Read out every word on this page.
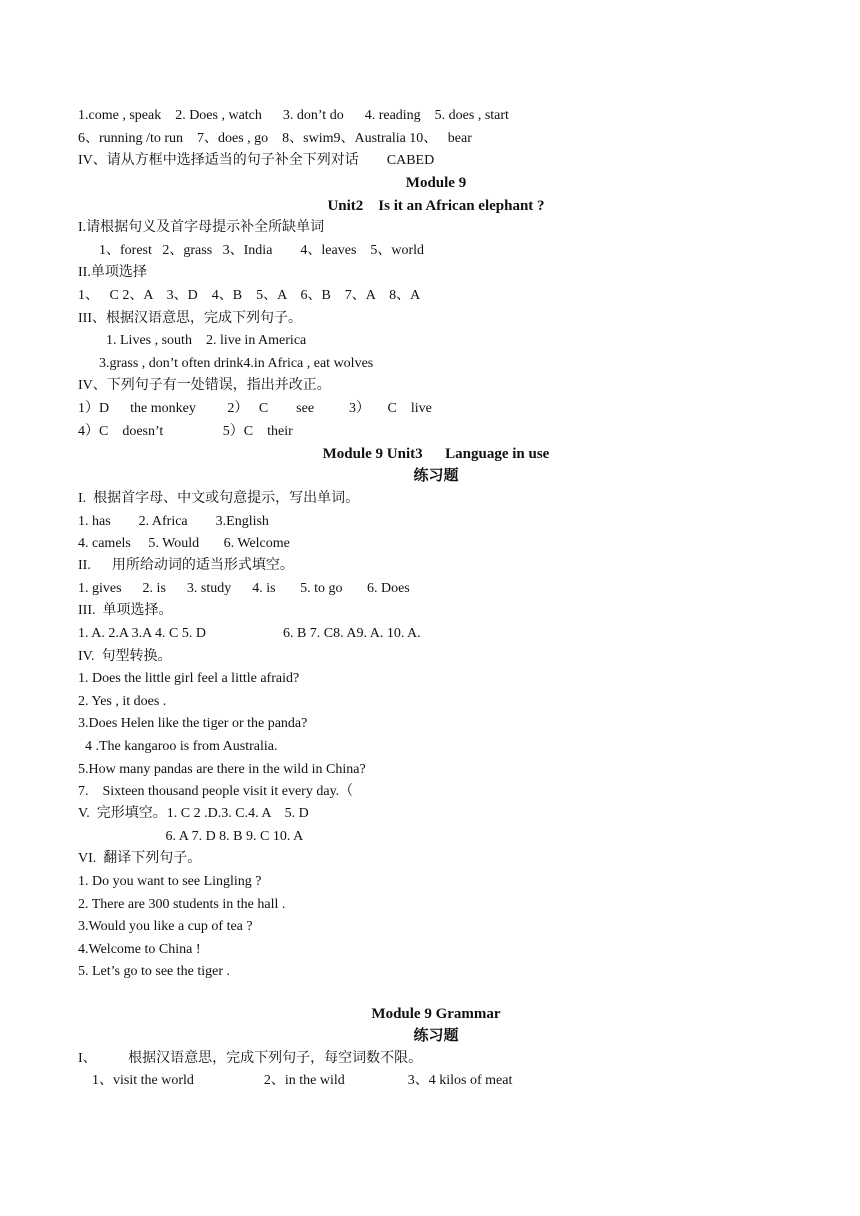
1.come , speak    2. Does , watch      3. don’t do      4. reading    5. does , start
6、running /to run    7、does , go    8、swim9、Australia 10、   bear
IV、请从方框中选择适当的句子补全下列对话        CABED
Module 9
Unit2    Is it an African elephant ?
I.请根据句义及首字母提示补全所缺单词
1、forest   2、grass   3、India        4、leaves    5、world
II.单项选择
1、   C 2、A    3、D    4、B    5、A    6、B    7、A    8、A
III、根据汉语意思，完成下列句子。
1. Lives , south    2. live in America
3.grass , don’t often drink4.in Africa , eat wolves
IV、下列句子有一处错误，指出并改正。
1）D      the monkey         2）   C        see          3）     C    live
4）C    doesn’t                 5）C    their
Module 9 Unit3      Language in use
练习题
I.  根据首字母、中文或句意提示，写出单词。
1. has        2. Africa        3.English
4. camels     5. Would       6. Welcome
II.      用所给动词的适当形式填空。
1. gives      2. is      3. study      4. is       5. to go       6. Does
III.  单项选择。
1. A. 2.A 3.A 4. C 5. D                      6. B 7. C8. A9. A. 10. A.
IV.  句型转换。
1. Does the little girl feel a little afraid?
2. Yes , it does .
3.Does Helen like the tiger or the panda?
4 .The kangaroo is from Australia.
5.How many pandas are there in the wild in China?
7.    Sixteen thousand people visit it every day.（
V.  完形填空。1. C 2 .D.3. C.4. A    5. D
6. A 7. D 8. B 9. C 10. A
VI.  翻译下列句子。
1. Do you want to see Lingling ?
2. There are 300 students in the hall .
3.Would you like a cup of tea ?
4.Welcome to China !
5. Let’s go to see the tiger .
Module 9 Grammar
练习题
I、         根据汉语意思，完成下列句子，每空词数不限。
1、visit the world                    2、in the wild                  3、4 kilos of meat
